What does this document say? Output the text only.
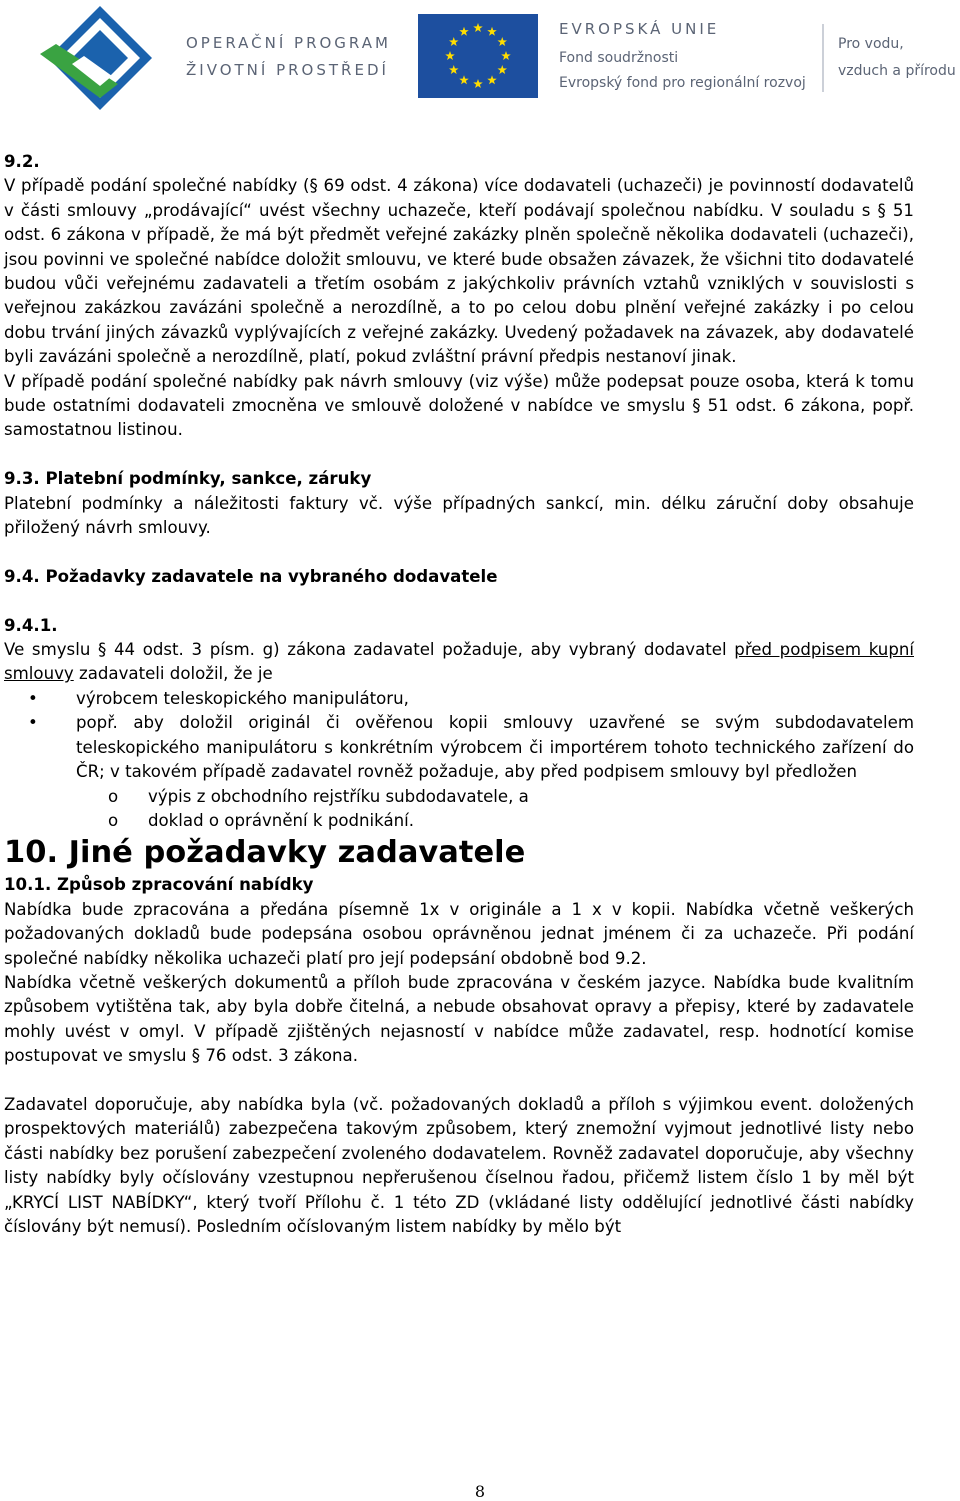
OPERAČNÍ PROGRAM
ŽIVOTNÍ PROSTŘEDÍ
EVROPSKÁ UNIE
Fond soudržnosti
Evropský fond pro regionální rozvoj
Pro vodu,
vzduch a přírodu

9.2.

V případě podání společné nabídky (§ 69 odst. 4 zákona) více dodavateli (uchazeči) je povinností dodavatelů v části smlouvy „prodávající“ uvést všechny uchazeče, kteří podávají společnou nabídku. V souladu s § 51 odst. 6 zákona v případě, že má být předmět veřejné zakázky plněn společně několika dodavateli (uchazeči), jsou povinni ve společné nabídce doložit smlouvu, ve které bude obsažen závazek, že všichni tito dodavatelé budou vůči veřejnému zadavateli a třetím osobám z jakýchkoliv právních vztahů vzniklých v souvislosti s veřejnou zakázkou zavázáni společně a nerozdílně, a to po celou dobu plnění veřejné zakázky i po celou dobu trvání jiných závazků vyplývajících z veřejné zakázky. Uvedený požadavek na závazek, aby dodavatelé byli zavázáni společně a nerozdílně, platí, pokud zvláštní právní předpis nestanoví jinak.

V případě podání společné nabídky pak návrh smlouvy (viz výše) může podepsat pouze osoba, která k tomu bude ostatními dodavateli zmocněna ve smlouvě doložené v nabídce ve smyslu § 51 odst. 6 zákona, popř. samostatnou listinou.

9.3. Platební podmínky, sankce, záruky

Platební podmínky a náležitosti faktury vč. výše případných sankcí, min. délku záruční doby obsahuje přiložený návrh smlouvy.

9.4. Požadavky zadavatele na vybraného dodavatele

9.4.1.

Ve smyslu § 44 odst. 3 písm. g) zákona zadavatel požaduje, aby vybraný dodavatel před podpisem kupní smlouvy zadavateli doložil, že je

• výrobcem teleskopického manipulátoru,
• popř. aby doložil originál či ověřenou kopii smlouvy uzavřené se svým subdodavatelem teleskopického manipulátoru s konkrétním výrobcem či importérem tohoto technického zařízení do ČR; v takovém případě zadavatel rovněž požaduje, aby před podpisem smlouvy byl předložen
o výpis z obchodního rejstříku subdodavatele, a
o doklad o oprávnění k podnikání.

10. Jiné požadavky zadavatele

10.1. Způsob zpracování nabídky

Nabídka bude zpracována a předána písemně 1x v originále a 1 x v kopii. Nabídka včetně veškerých požadovaných dokladů bude podepsána osobou oprávněnou jednat jménem či za uchazeče. Při podání společné nabídky několika uchazeči platí pro její podepsání obdobně bod 9.2.

Nabídka včetně veškerých dokumentů a příloh bude zpracována v českém jazyce. Nabídka bude kvalitním způsobem vytištěna tak, aby byla dobře čitelná, a nebude obsahovat opravy a přepisy, které by zadavatele mohly uvést v omyl. V případě zjištěných nejasností v nabídce může zadavatel, resp. hodnotící komise postupovat ve smyslu § 76 odst. 3 zákona.

Zadavatel doporučuje, aby nabídka byla (vč. požadovaných dokladů a příloh s výjimkou event. doložených prospektových materiálů) zabezpečena takovým způsobem, který znemožní vyjmout jednotlivé listy nebo části nabídky bez porušení zabezpečení zvoleného dodavatelem. Rovněž zadavatel doporučuje, aby všechny listy nabídky byly očíslovány vzestupnou nepřerušenou číselnou řadou, přičemž listem číslo 1 by měl být „KRYCÍ LIST NABÍDKY“, který tvoří Přílohu č. 1 této ZD (vkládané listy oddělující jednotlivé části nabídky číslovány být nemusí). Posledním očíslovaným listem nabídky by mělo být

8
